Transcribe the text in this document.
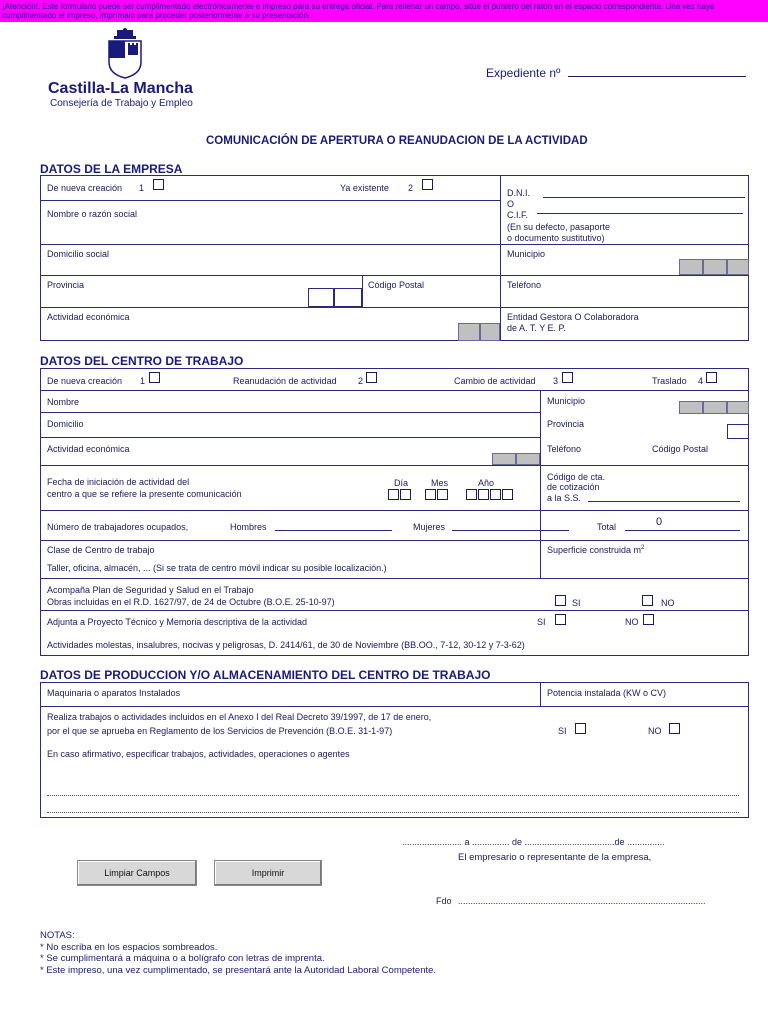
¡Atención!. Este formulario puede ser cumplimentado electrónicamente e impreso para su entrega oficial. Para rellenar un campo, sitúe el puntero del ratón en el espacio correspondiente. Una vez haya cumplimentado el impreso, imprímalo para proceder posteriormente a su presentación.
Castilla-La Mancha
Consejería de Trabajo y Empleo
Expediente nº
COMUNICACIÓN DE APERTURA O REANUDACION DE LA ACTIVIDAD
DATOS DE LA EMPRESA
De nueva creación 1	Ya existente 2	D.N.I.
O
C.I.F.
(En su defecto, pasaporte
o documento sustitutivo)
Nombre o razón social
Domicilio social	Municipio
Provincia	Código Postal	Teléfono
Actividad económica	Entidad Gestora O Colaboradora
de A. T. Y E. P.
DATOS DEL CENTRO DE TRABAJO
De nueva creación 1	Reanudación de actividad 2	Cambio de actividad 3	Traslado 4
Nombre	Municipio
Domicilio	Provincia
Actividad económica	Teléfono	Código Postal
Fecha de iniciación de actividad del
centro a que se refiere la presente comunicación
Día	Mes	Año
Código de cta.
de cotización
a la S.S.
Número de trabajadores ocupados,	Hombres	Mujeres	Total	0
Clase de Centro de trabajo
Taller, oficina, almacén, ... (Si se trata de centro móvil indicar su posible localización.)
Superficie construida $m^2$
Acompaña Plan de Seguridad y Salud en el Trabajo
Obras incluidas en el R.D. 1627/97, de 24 de Octubre (B.O.E. 25-10-97)	SI	NO
Adjunta a Proyecto Técnico y Memoria descriptiva de la actividad	SI	NO
Actividades molestas, insalubres, nocivas y peligrosas, D. 2414/61, de 30 de Noviembre (BB.OO., 7-12, 30-12 y 7-3-62)
DATOS DE PRODUCCION Y/O ALMACENAMIENTO DEL CENTRO DE TRABAJO
Maquinaria o aparatos Instalados	Potencia instalada (KW o CV)
Realiza trabajos o actividades incluidos en el Anexo I del Real Decreto 39/1997, de 17 de enero,
por el que se aprueba en Reglamento de los Servicios de Prevención (B.O.E. 31-1-97)	SI	NO
En caso afirmativo, especificar trabajos, actividades, operaciones o agentes
........................ a ............... de ....................................de ...............
El empresario o representante de la empresa,
Fdo ...................................................................................................
Limpiar Campos	Imprimir
NOTAS:
* No escriba en los espacios sombreados.
* Se cumplimentará a máquina o a bolígrafo con letras de imprenta.
* Este impreso, una vez cumplimentado, se presentará ante la Autoridad Laboral Competente.
